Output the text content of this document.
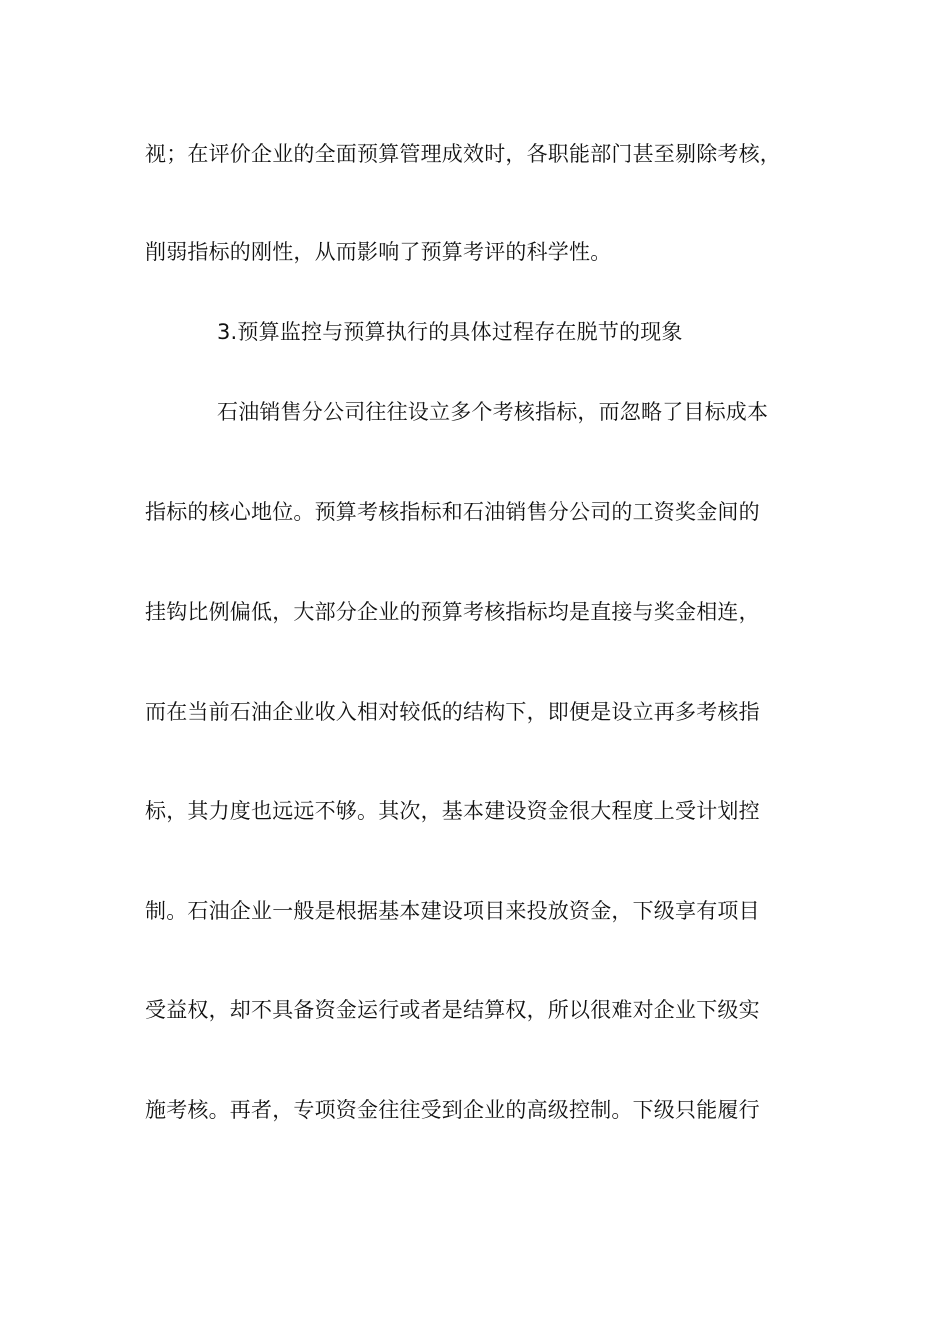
视；在评价企业的全面预算管理成效时，各职能部门甚至剔除考核，
削弱指标的刚性，从而影响了预算考评的科学性。
3.预算监控与预算执行的具体过程存在脱节的现象
石油销售分公司往往设立多个考核指标，而忽略了目标成本
指标的核心地位。预算考核指标和石油销售分公司的工资奖金间的
挂钩比例偏低，大部分企业的预算考核指标均是直接与奖金相连，
而在当前石油企业收入相对较低的结构下，即便是设立再多考核指
标，其力度也远远不够。其次，基本建设资金很大程度上受计划控
制。石油企业一般是根据基本建设项目来投放资金，下级享有项目
受益权，却不具备资金运行或者是结算权，所以很难对企业下级实
施考核。再者，专项资金往往受到企业的高级控制。下级只能履行
